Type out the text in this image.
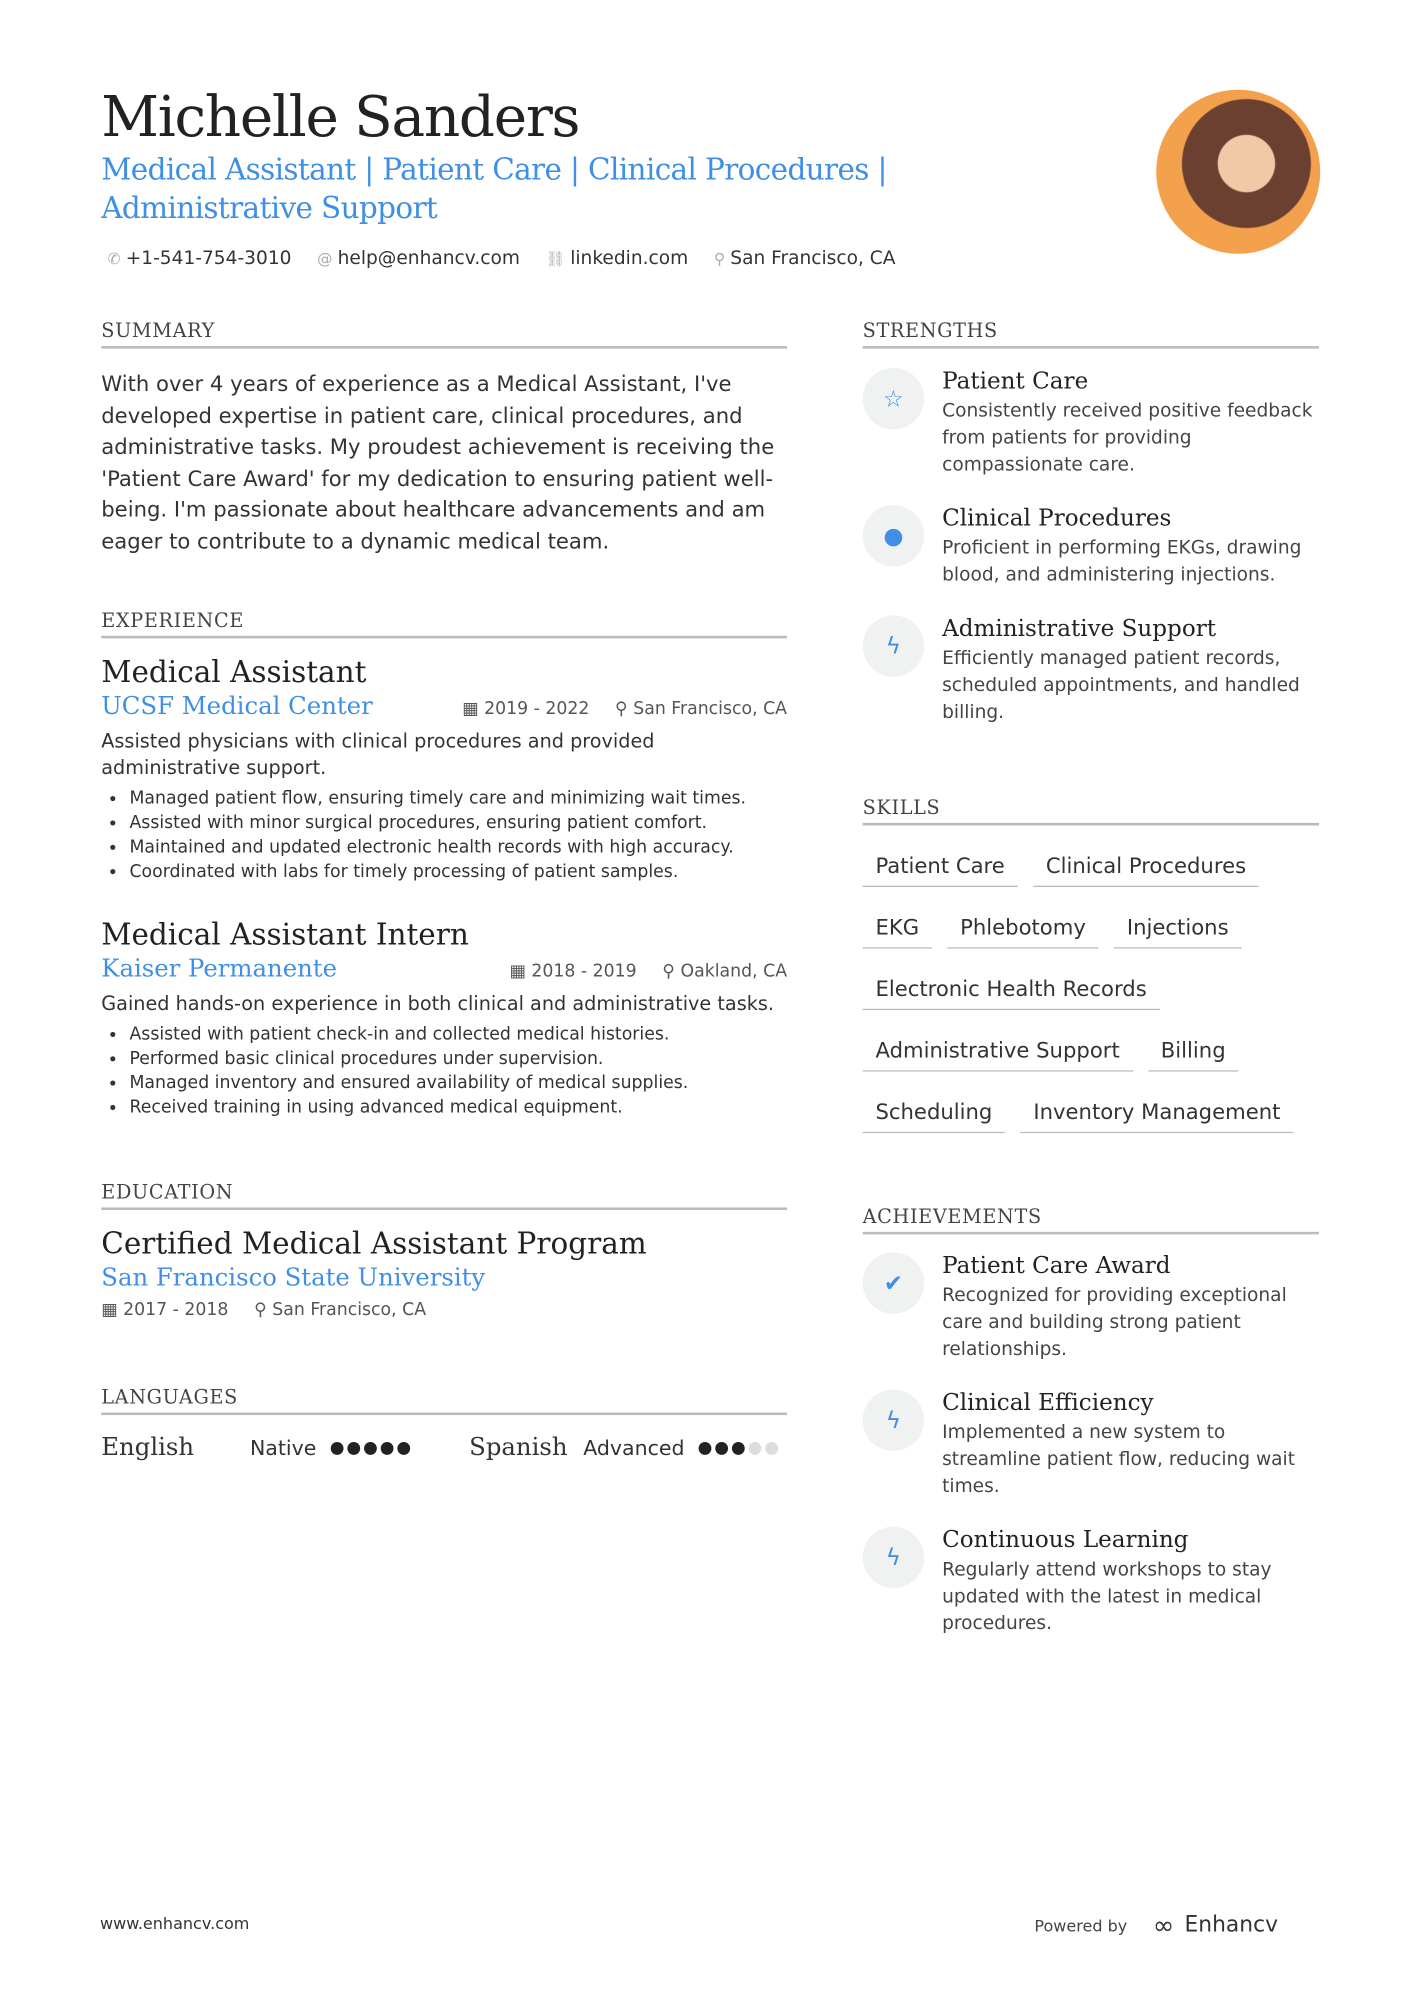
Michelle Sanders
Medical Assistant | Patient Care | Clinical Procedures | Administrative Support
✆ +1-541-754-3010 @ help@enhancv.com ⛓ linkedin.com ⚲ San Francisco, CA
SUMMARY
With over 4 years of experience as a Medical Assistant, I've developed expertise in patient care, clinical procedures, and administrative tasks. My proudest achievement is receiving the 'Patient Care Award' for my dedication to ensuring patient well-being. I'm passionate about healthcare advancements and am eager to contribute to a dynamic medical team.
EXPERIENCE
Medical Assistant
UCSF Medical Center	▦ 2019 - 2022 ⚲ San Francisco, CA
Assisted physicians with clinical procedures and provided administrative support.
• Managed patient flow, ensuring timely care and minimizing wait times.
• Assisted with minor surgical procedures, ensuring patient comfort.
• Maintained and updated electronic health records with high accuracy.
• Coordinated with labs for timely processing of patient samples.
Medical Assistant Intern
Kaiser Permanente	▦ 2018 - 2019 ⚲ Oakland, CA
Gained hands-on experience in both clinical and administrative tasks.
• Assisted with patient check-in and collected medical histories.
• Performed basic clinical procedures under supervision.
• Managed inventory and ensured availability of medical supplies.
• Received training in using advanced medical equipment.
EDUCATION
Certified Medical Assistant Program
San Francisco State University
▦ 2017 - 2018 ⚲ San Francisco, CA
LANGUAGES
English	Native	Spanish Advanced
STRENGTHS
☆
Patient Care
Consistently received positive feedback from patients for providing compassionate care.
●
Clinical Procedures
Proficient in performing EKGs, drawing blood, and administering injections.
ϟ
Administrative Support
Efficiently managed patient records, scheduled appointments, and handled billing.
SKILLS
Patient Care	Clinical Procedures
EKG	Phlebotomy	Injections
Electronic Health Records
Administrative Support	Billing
Scheduling	Inventory Management
ACHIEVEMENTS
✔
Patient Care Award
Recognized for providing exceptional care and building strong patient relationships.
ϟ
Clinical Efficiency
Implemented a new system to streamline patient flow, reducing wait times.
ϟ
Continuous Learning
Regularly attend workshops to stay updated with the latest in medical procedures.
www.enhancv.com	Powered by ∞ Enhancv
